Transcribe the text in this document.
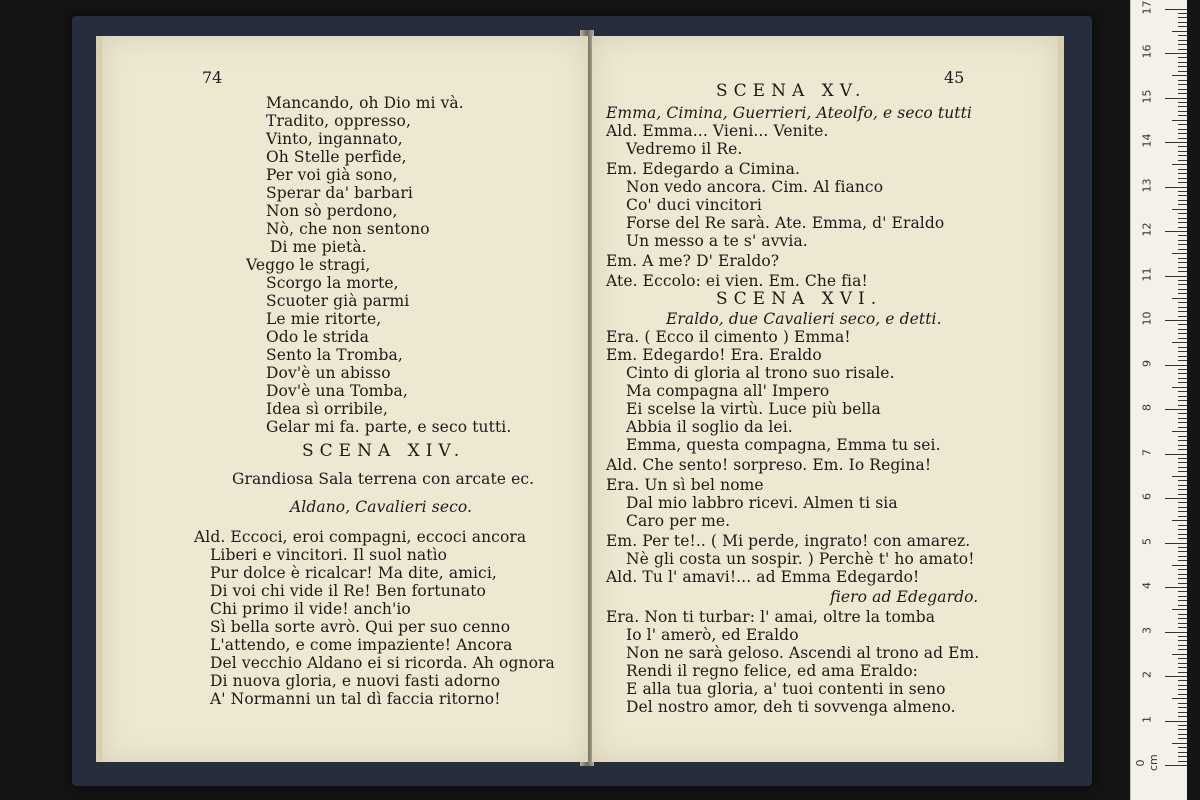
74
Mancando, oh Dio mi và.
Tradito, oppresso,
Vinto, ingannato,
Oh Stelle perfide,
Per voi già sono,
Sperar da' barbari
Non sò perdono,
Nò, che non sentono
Di me pietà.
Veggo le stragi,
Scorgo la morte,
Scuoter già parmi
Le mie ritorte,
Odo le strida
Sento la Tromba,
Dov'è un abisso
Dov'è una Tomba,
Idea sì orribile,
Gelar mi fa. parte, e seco tutti.
SCENA XIV.
Grandiosa Sala terrena con arcate ec.
Aldano, Cavalieri seco.
Ald. Eccoci, eroi compagni, eccoci ancora
Liberi e vincitori. Il suol natìo
Pur dolce è ricalcar! Ma dite, amici,
Di voi chi vide il Re! Ben fortunato
Chi primo il vide! anch'io
Sì bella sorte avrò. Qui per suo cenno
L'attendo, e come impaziente! Ancora
Del vecchio Aldano ei si ricorda. Ah ognora
Di nuova gloria, e nuovi fasti adorno
A' Normanni un tal dì faccia ritorno!
45
SCENA XV.
Emma, Cimina, Guerrieri, Ateolfo, e seco tutti
Ald. Emma... Vieni... Venite.
Vedremo il Re.
Em. Edegardo a Cimina.
Non vedo ancora. Cim. Al fianco
Co' duci vincitori
Forse del Re sarà. Ate. Emma, d' Eraldo
Un messo a te s' avvia.
Em. A me? D' Eraldo?
Ate. Eccolo: ei vien. Em. Che fia!
SCENA XVI.
Eraldo, due Cavalieri seco, e detti.
Era. ( Ecco il cimento ) Emma!
Em. Edegardo! Era. Eraldo
Cinto di gloria al trono suo risale.
Ma compagna all' Impero
Ei scelse la virtù. Luce più bella
Abbia il soglio da lei.
Emma, questa compagna, Emma tu sei.
Ald. Che sento! sorpreso. Em. Io Regina!
Era. Un sì bel nome
Dal mio labbro ricevi. Almen ti sia
Caro per me.
Em. Per te!.. ( Mi perde, ingrato! con amarez.
Nè gli costa un sospir. ) Perchè t' ho amato!
Ald. Tu l' amavi!... ad Emma Edegardo!
fiero ad Edegardo.
Era. Non ti turbar: l' amai, oltre la tomba
Io l' amerò, ed Eraldo
Non ne sarà geloso. Ascendi al trono ad Em.
Rendi il regno felice, ed ama Eraldo:
E alla tua gloria, a' tuoi contenti in seno
Del nostro amor, deh ti sovvenga almeno.
0 cm
1
2
3
4
5
6
7
8
9
10
11
12
13
14
15
16
17
